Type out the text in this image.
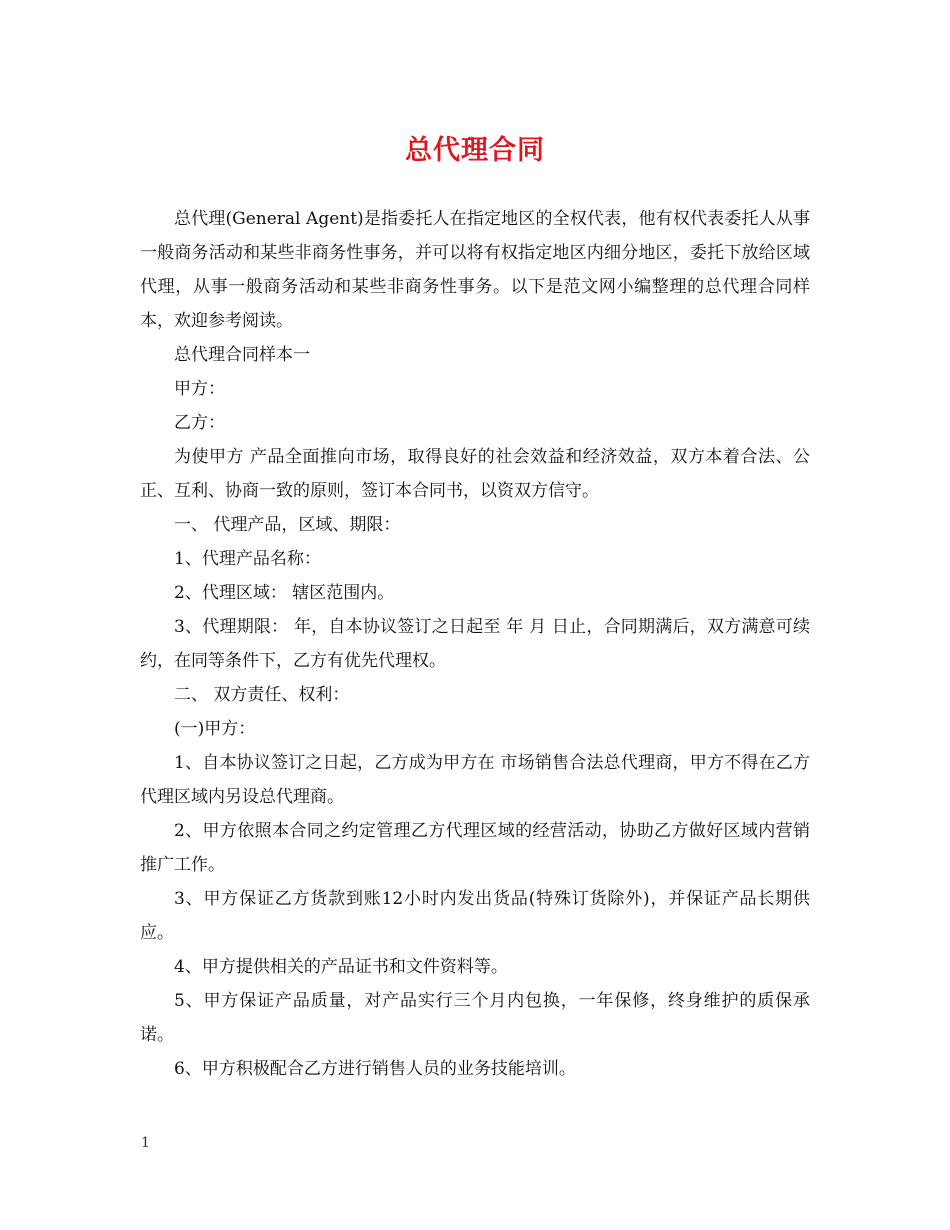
总代理合同

总代理(General Agent)是指委托人在指定地区的全权代表，他有权代表委托人从事一般商务活动和某些非商务性事务，并可以将有权指定地区内细分地区，委托下放给区域代理，从事一般商务活动和某些非商务性事务。以下是范文网小编整理的总代理合同样本，欢迎参考阅读。

总代理合同样本一

甲方：

乙方：

为使甲方 产品全面推向市场，取得良好的社会效益和经济效益，双方本着合法、公正、互利、协商一致的原则，签订本合同书，以资双方信守。

一、 代理产品，区域、期限：

1、代理产品名称：

2、代理区域： 辖区范围内。

3、代理期限： 年，自本协议签订之日起至 年 月 日止，合同期满后，双方满意可续约，在同等条件下，乙方有优先代理权。

二、 双方责任、权利：

(一)甲方：

1、自本协议签订之日起，乙方成为甲方在 市场销售合法总代理商，甲方不得在乙方代理区域内另设总代理商。

2、甲方依照本合同之约定管理乙方代理区域的经营活动，协助乙方做好区域内营销推广工作。

3、甲方保证乙方货款到账12小时内发出货品(特殊订货除外)，并保证产品长期供应。

4、甲方提供相关的产品证书和文件资料等。

5、甲方保证产品质量，对产品实行三个月内包换，一年保修，终身维护的质保承诺。

6、甲方积极配合乙方进行销售人员的业务技能培训。

1
